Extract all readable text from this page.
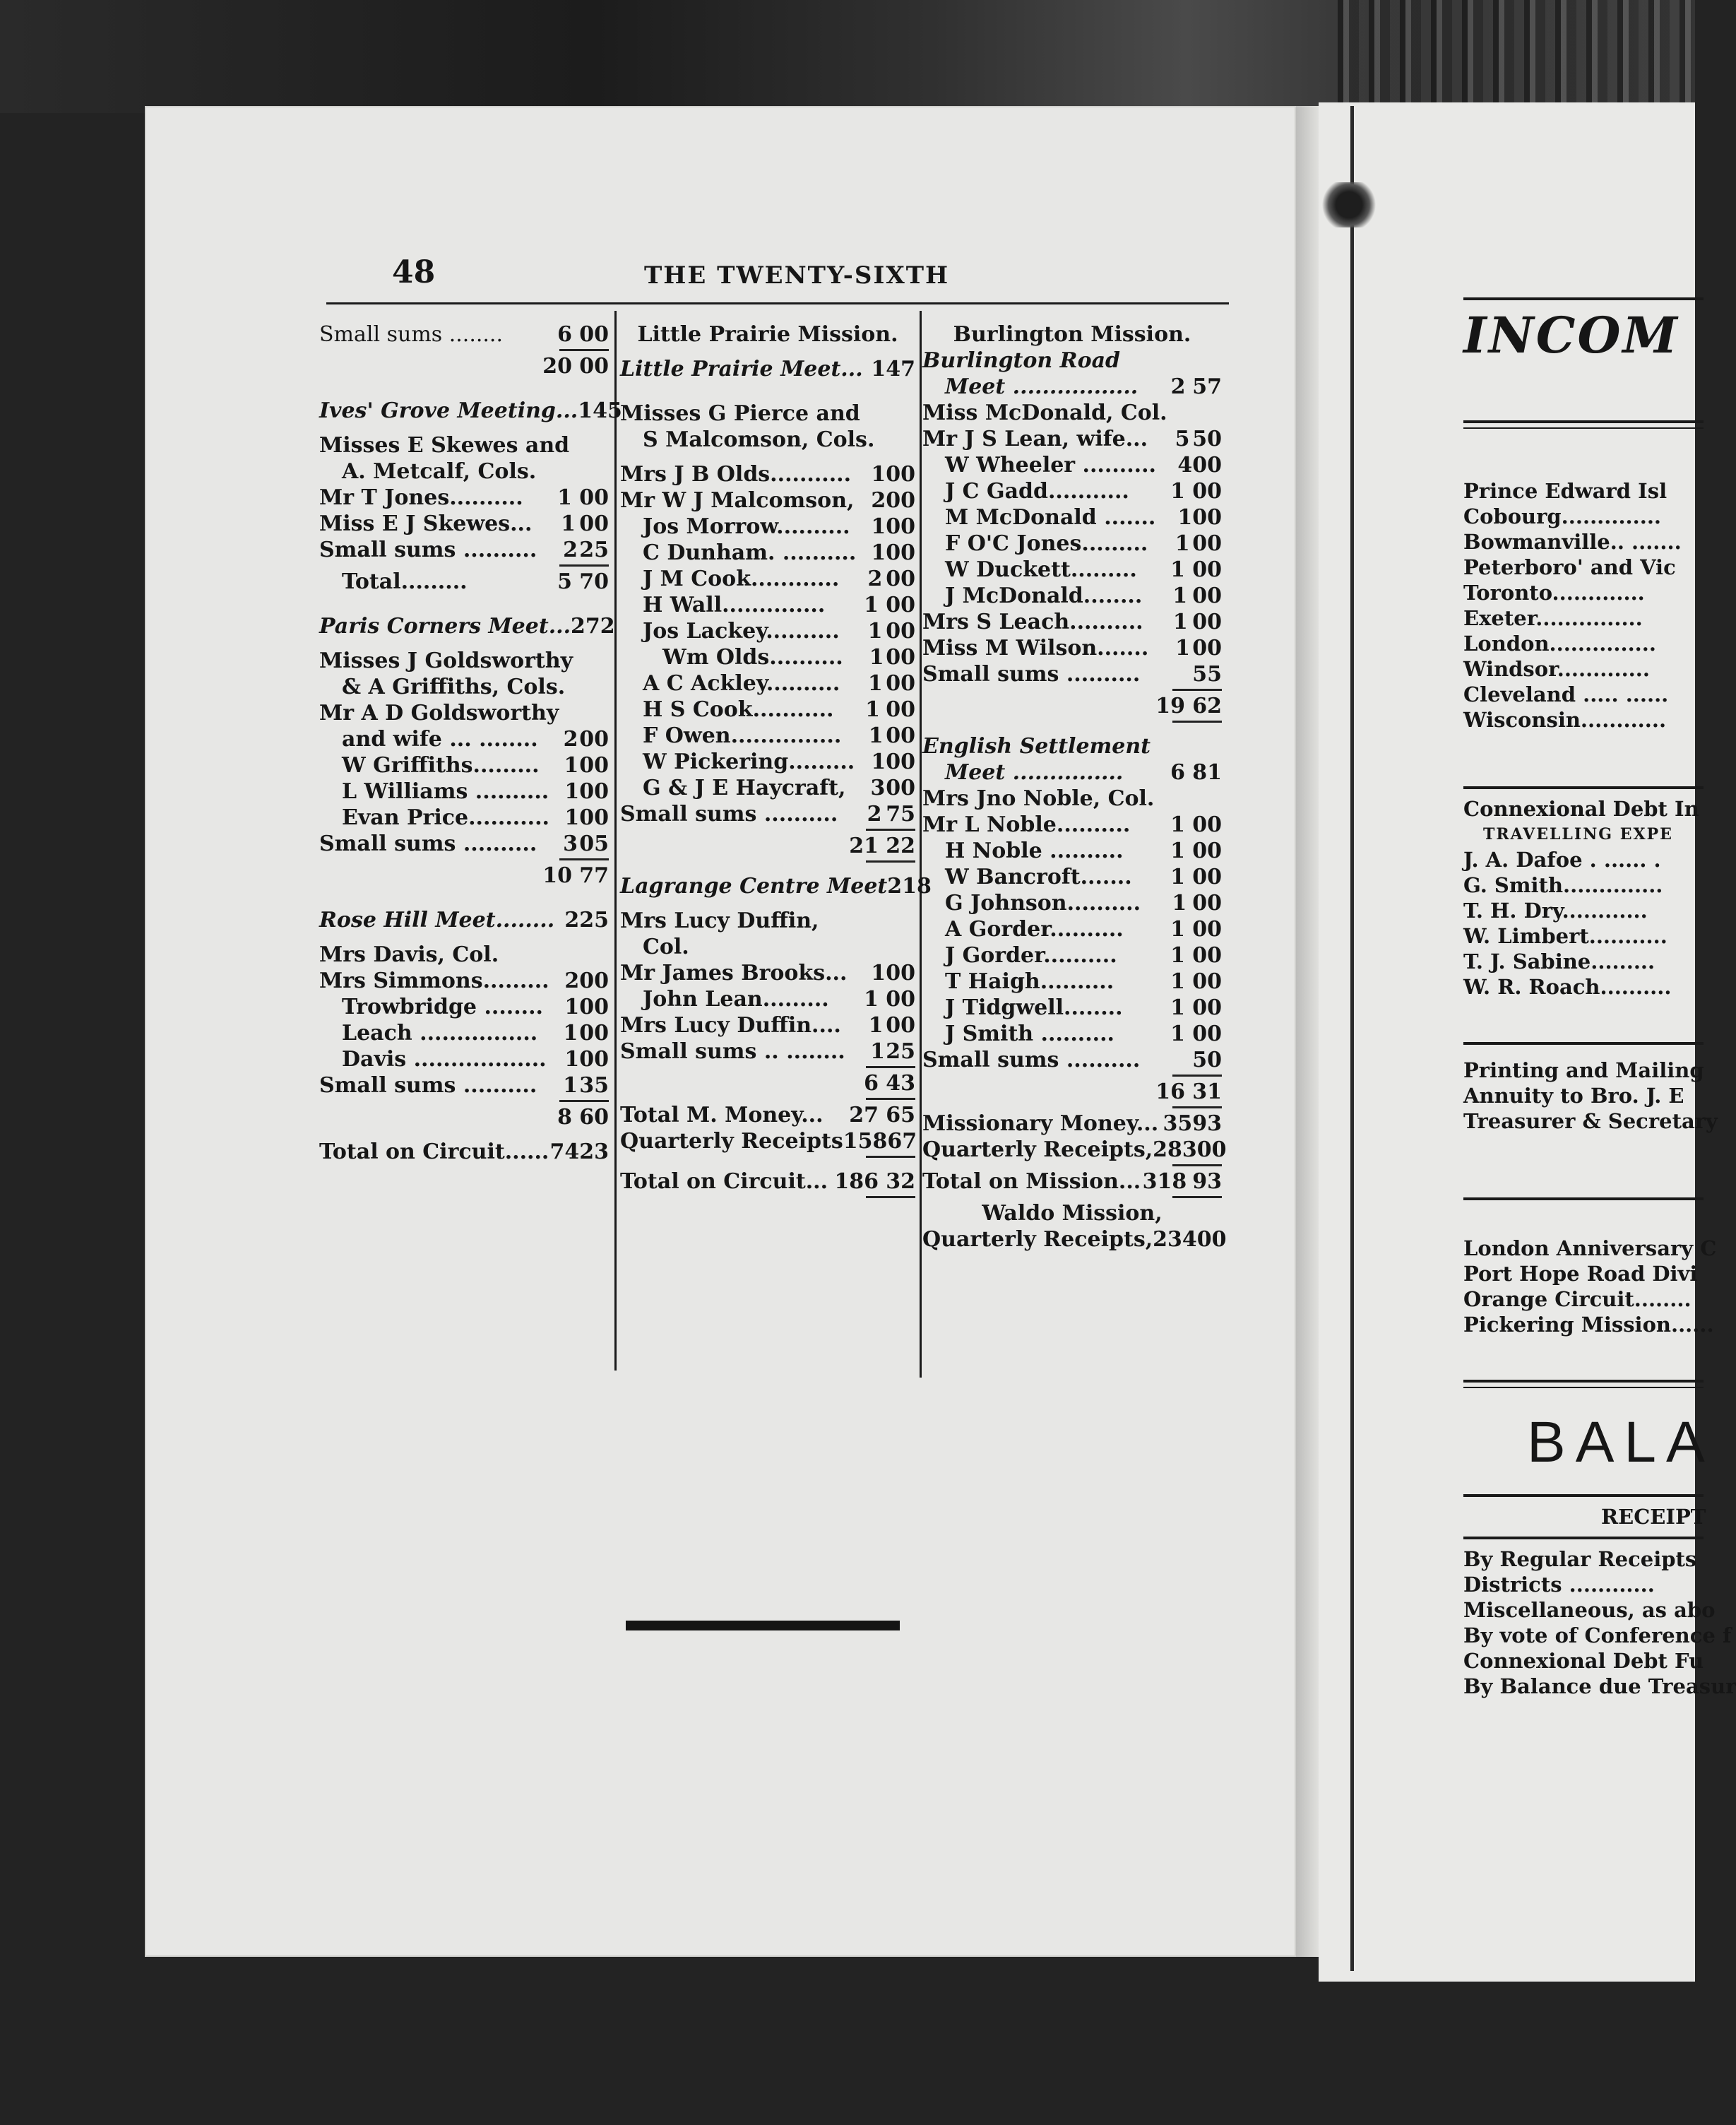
48	THE TWENTY-SIXTH
Small sums ........	6 00
20 00
Ives' Grove Meeting... 1 45
Misses E Skewes and
A. Metcalf, Cols.
Mr T Jones..........	1 00
Miss E J Skewes...	1 00
Small sums ..........	2 25
Total.........	5 70
Paris Corners Meet... 2 72
Misses J Goldsworthy
& A Griffiths, Cols.
Mr A D Goldsworthy
and wife ... ........	2 00
W Griffiths.........	1 00
L Williams .......... 1 00
Evan Price........... 1 00
Small sums ..........	3 05
10 77
Rose Hill Meet........ 2 25
Mrs Davis, Col.
Mrs Simmons......... 2 00
Trowbridge ........	1 00
Leach ................	1 00
Davis .................. 1 00
Small sums ..........	1 35
8 60
Total on Circuit...... 74 23
Little Prairie Mission.
Little Prairie Meet... 1 47
Misses G Pierce and
S Malcomson, Cols.
Mrs J B Olds........... 1 00
Mr W J Malcomson, 2 00
Jos Morrow.......... 1 00
C Dunham. .......... 1 00
J M Cook............	2 00
H Wall..............	1 00
Jos Lackey..........	1 00
Wm Olds..........	1 00
A C Ackley..........	1 00
H S Cook...........	1 00
F Owen...............	1 00
W Pickering......... 1 00
G & J E Haycraft,	3 00
Small sums ..........	2 75
21 22
Lagrange Centre Meet 2 18
Mrs Lucy Duffin,
Col.
Mr James Brooks...	1 00
John Lean.........	1 00
Mrs Lucy Duffin....	1 00
Small sums .. ........	1 25
6 43
Total M. Money...	27 65
Quarterly Receipts 158 67
Total on Circuit... 186 32
Burlington Mission.
Burlington Road
Meet .................	2 57
Miss McDonald, Col.
Mr J S Lean, wife...	5 50
W Wheeler ..........	4 00
J C Gadd...........	1 00
M McDonald .......	1 00
F O'C Jones.........	1 00
W Duckett.........	1 00
J McDonald........	1 00
Mrs S Leach..........	1 00
Miss M Wilson.......	1 00
Small sums .......... 55
19 62
English Settlement
Meet ...............	6 81
Mrs Jno Noble, Col.
Mr L Noble..........	1 00
H Noble ..........	1 00
W Bancroft.......	1 00
G Johnson..........	1 00
A Gorder..........	1 00
J Gorder..........	1 00
T Haigh..........	1 00
J Tidgwell........	1 00
J Smith ..........	1 00
Small sums .......... 50
16 31
Missionary Money... 35 93
Quarterly Receipts, 283 00
Total on Mission... 318 93
Waldo Mission,
Quarterly Receipts, 234 00
INCOM
Prince Edward Isl
Cobourg..............
Bowmanville.. .......
Peterboro' and Vic
Toronto.............
Exeter...............
London...............
Windsor.............
Cleveland ..... ......
Wisconsin............
Connexional Debt In
TRAVELLING EXPE
J. A. Dafoe . ...... .
G. Smith..............
T. H. Dry............
W. Limbert...........
T. J. Sabine.........
W. R. Roach..........
Printing and Mailing
Annuity to Bro. J. E
Treasurer & Secretary
London Anniversary C
Port Hope Road Divi
Orange Circuit........
Pickering Mission......
BALA
RECEIPT
By Regular Receipts
Districts ............
Miscellaneous, as abo
By vote of Conference f
Connexional Debt Fu
By Balance due Treasur
